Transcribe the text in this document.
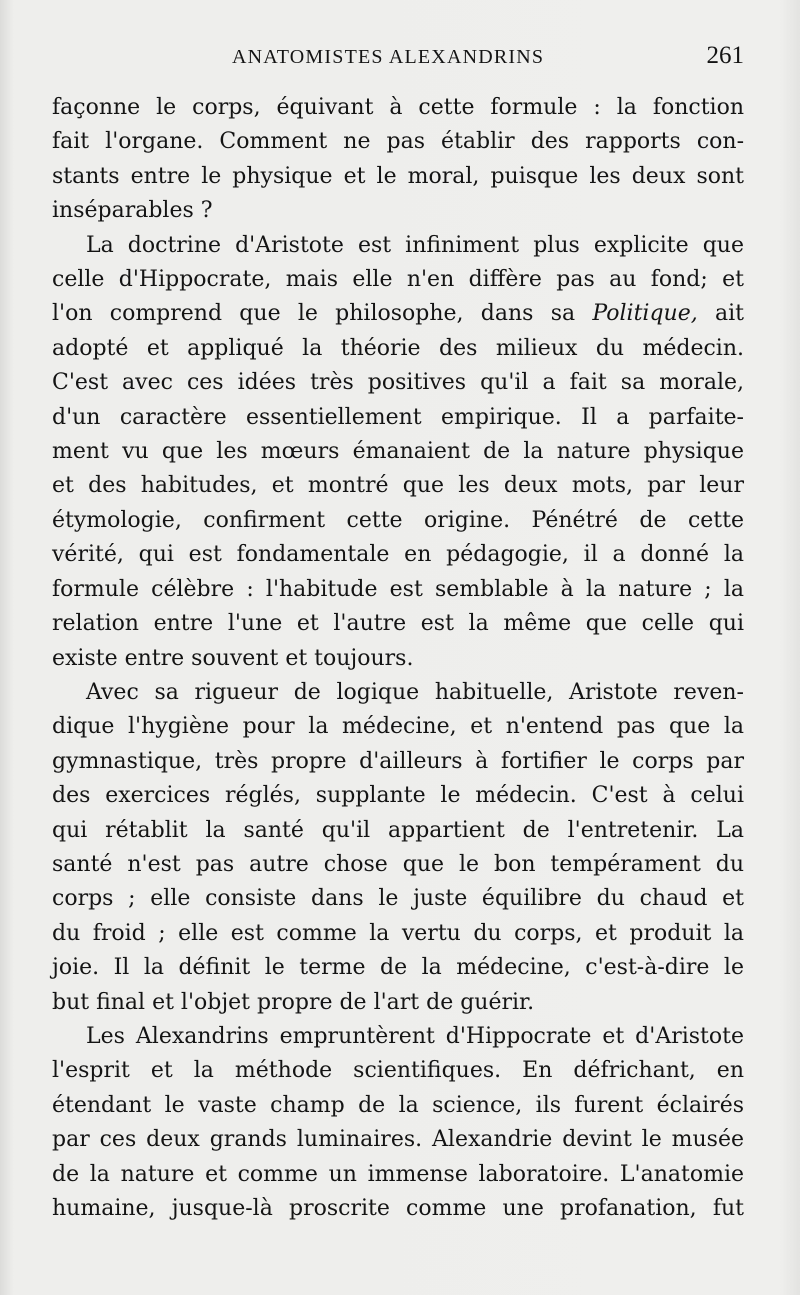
ANATOMISTES ALEXANDRINS	261
façonne le corps, équivant à cette formule : la fonction
fait l'organe. Comment ne pas établir des rapports con-
stants entre le physique et le moral, puisque les deux sont
inséparables ?
La doctrine d'Aristote est infiniment plus explicite que
celle d'Hippocrate, mais elle n'en diffère pas au fond; et
l'on comprend que le philosophe, dans sa Politique, ait
adopté et appliqué la théorie des milieux du médecin.
C'est avec ces idées très positives qu'il a fait sa morale,
d'un caractère essentiellement empirique. Il a parfaite-
ment vu que les mœurs émanaient de la nature physique
et des habitudes, et montré que les deux mots, par leur
étymologie, confirment cette origine. Pénétré de cette
vérité, qui est fondamentale en pédagogie, il a donné la
formule célèbre : l'habitude est semblable à la nature ; la
relation entre l'une et l'autre est la même que celle qui
existe entre souvent et toujours.
Avec sa rigueur de logique habituelle, Aristote reven-
dique l'hygiène pour la médecine, et n'entend pas que la
gymnastique, très propre d'ailleurs à fortifier le corps par
des exercices réglés, supplante le médecin. C'est à celui
qui rétablit la santé qu'il appartient de l'entretenir. La
santé n'est pas autre chose que le bon tempérament du
corps ; elle consiste dans le juste équilibre du chaud et
du froid ; elle est comme la vertu du corps, et produit la
joie. Il la définit le terme de la médecine, c'est-à-dire le
but final et l'objet propre de l'art de guérir.
Les Alexandrins empruntèrent d'Hippocrate et d'Aristote
l'esprit et la méthode scientifiques. En défrichant, en
étendant le vaste champ de la science, ils furent éclairés
par ces deux grands luminaires. Alexandrie devint le musée
de la nature et comme un immense laboratoire. L'anatomie
humaine, jusque-là proscrite comme une profanation, fut
